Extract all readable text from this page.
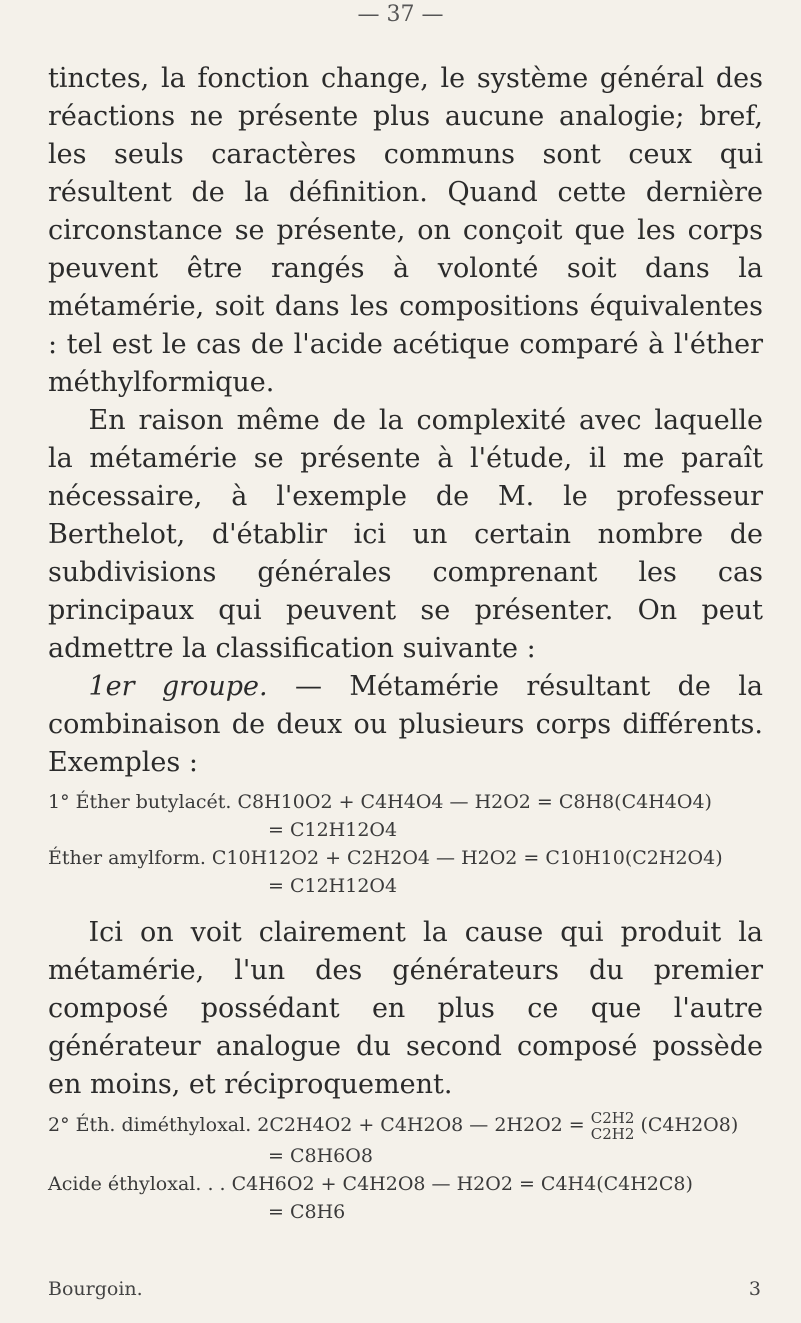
— 37 —

tinctes, la fonction change, le système général des réactions ne présente plus aucune analogie; bref, les seuls caractères communs sont ceux qui résultent de la définition. Quand cette dernière circonstance se présente, on conçoit que les corps peuvent être rangés à volonté soit dans la métamérie, soit dans les compositions équivalentes : tel est le cas de l'acide acétique comparé à l'éther méthylformique.

En raison même de la complexité avec laquelle la métamérie se présente à l'étude, il me paraît nécessaire, à l'exemple de M. le professeur Berthelot, d'établir ici un certain nombre de subdivisions générales comprenant les cas principaux qui peuvent se présenter. On peut admettre la classification suivante :

1er groupe. — Métamérie résultant de la combinaison de deux ou plusieurs corps différents. Exemples :

1° Éther butylacét. C8H10O2 + C4H4O4 — H2O2 = C8H8(C4H4O4)
= C12H12O4
Éther amylform. C10H12O2 + C2H2O4 — H2O2 = C10H10(C2H2O4)
= C12H12O4

Ici on voit clairement la cause qui produit la métamérie, l'un des générateurs du premier composé possédant en plus ce que l'autre générateur analogue du second composé possède en moins, et réciproquement.

2° Éth. diméthyloxal. 2C2H4O2 + C4H2O8 — 2H2O2 = C2H2
C2H2 (C4H2O8)
= C8H6O8
Acide éthyloxal. . . C4H6O2 + C4H2O8 — H2O2 = C4H4(C4H2C8)
= C8H6
Bourgoin.	3
